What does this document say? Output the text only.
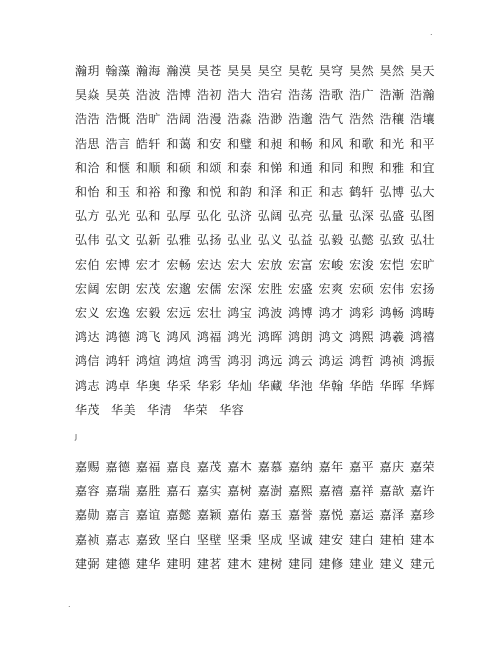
.
瀚玥 翰藻 瀚海 瀚漠 昊苍 昊昊 昊空 昊乾 昊穹 昊然 昊然 昊天
昊焱 昊英 浩波 浩博 浩初 浩大 浩宕 浩荡 浩歌 浩广 浩漸 浩瀚
浩浩 浩慨 浩旷 浩阔 浩漫 浩淼 浩渺 浩邈 浩气 浩然 浩穰 浩壤
浩思 浩言 皓轩 和蔼 和安 和璧 和昶 和畅 和风 和歌 和光 和平
和洽 和惬 和顺 和硕 和颂 和泰 和悌 和通 和同 和煦 和雅 和宜
和怡 和玉 和裕 和豫 和悦 和韵 和泽 和正 和志 鹤轩 弘博 弘大
弘方 弘光 弘和 弘厚 弘化 弘济 弘阔 弘亮 弘量 弘深 弘盛 弘图
弘伟 弘文 弘新 弘雅 弘扬 弘业 弘义 弘益 弘毅 弘懿 弘致 弘壮
宏伯 宏博 宏才 宏畅 宏达 宏大 宏放 宏富 宏峻 宏浚 宏恺 宏旷
宏阔 宏朗 宏茂 宏邈 宏儒 宏深 宏胜 宏盛 宏爽 宏硕 宏伟 宏扬
宏义 宏逸 宏毅 宏远 宏壮 鸿宝 鸿波 鸿博 鸿才 鸿彩 鸿畅 鸿畴
鸿达 鸿德 鸿飞 鸿风 鸿福 鸿光 鸿晖 鸿朗 鸿文 鸿熙 鸿羲 鸿禧
鸿信 鸿轩 鸿煊 鸿煊 鸿雪 鸿羽 鸿远 鸿云 鸿运 鸿哲 鸿祯 鸿振
鸿志 鸿卓 华奥 华采 华彩 华灿 华藏 华池 华翰 华皓 华晖 华辉
华茂 华美 华清 华荣 华容
J
嘉赐 嘉德 嘉福 嘉良 嘉茂 嘉木 嘉慕 嘉纳 嘉年 嘉平 嘉庆 嘉荣
嘉容 嘉瑞 嘉胜 嘉石 嘉实 嘉树 嘉澍 嘉熙 嘉禧 嘉祥 嘉歆 嘉许
嘉勋 嘉言 嘉谊 嘉懿 嘉颖 嘉佑 嘉玉 嘉誉 嘉悦 嘉运 嘉泽 嘉珍
嘉祯 嘉志 嘉致 坚白 坚壁 坚秉 坚成 坚诚 建安 建白 建柏 建本
建弼 建德 建华 建明 建茗 建木 建树 建同 建修 建业 建义 建元
.
